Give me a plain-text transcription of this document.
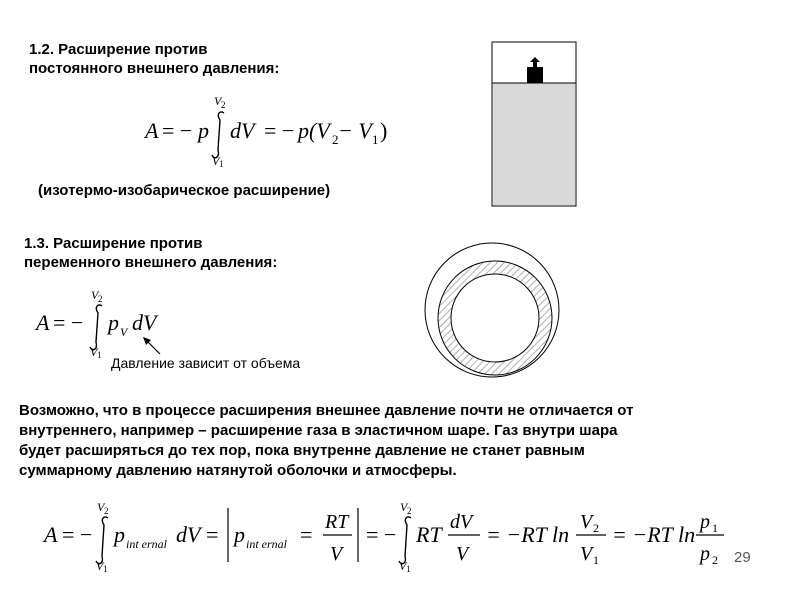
1.2. Расширение против
постоянного внешнего давления:
A = − p
V 2
V 1
dV = − p(V 2 − V 1 )
(изотермо-изобарическое расширение)
1.3. Расширение против
переменного внешнего давления:
A = −
V 2
V 1
p V dV
Давление зависит от объема
Возможно, что в процессе расширения внешнее давление почти не отличается от
внутреннего, например – расширение газа в эластичном шаре. Газ внутри шара
будет расширяться до тех пор, пока внутренне давление не станет равным
суммарному давлению натянутой оболочки и атмосферы.
A = −
V 2
V 1
p int ernal dV = p int ernal = RT
V
= −
V 2
V 1
RT dV
V
= −RT ln V 2
V 1
= −RT ln p 1
p 2 29
